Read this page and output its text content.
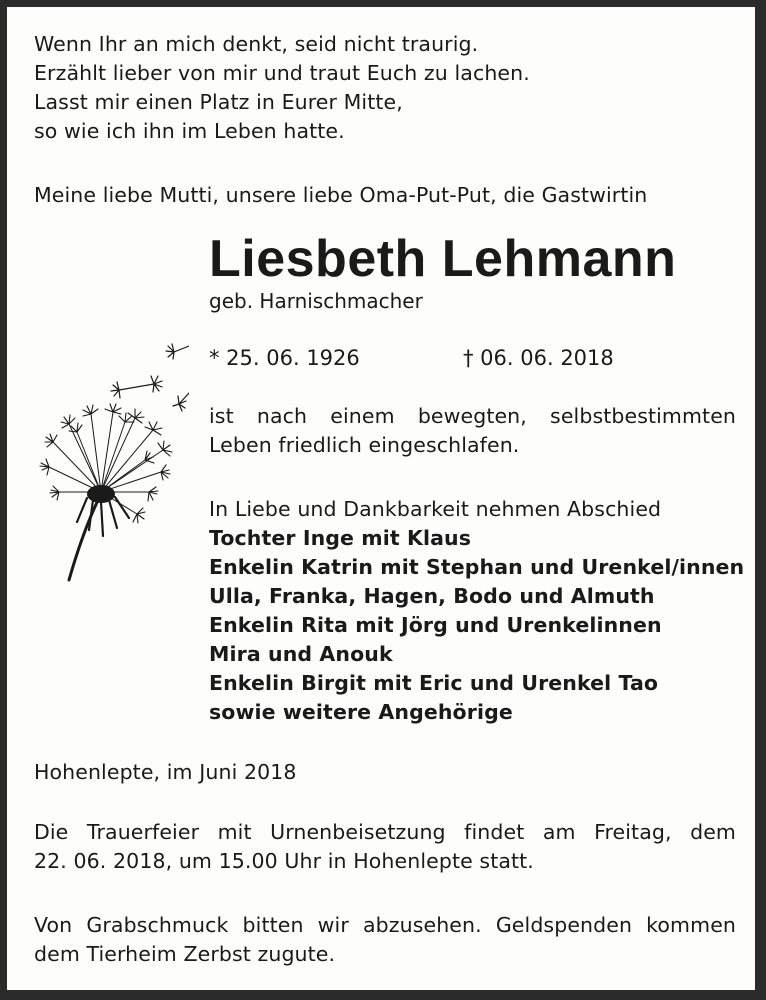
Wenn Ihr an mich denkt, seid nicht traurig.
Erzählt lieber von mir und traut Euch zu lachen.
Lasst mir einen Platz in Eurer Mitte,
so wie ich ihn im Leben hatte.
Meine liebe Mutti, unsere liebe Oma-Put-Put, die Gastwirtin
Liesbeth Lehmann
geb. Harnischmacher
* 25. 06. 1926	† 06. 06. 2018
ist nach einem bewegten, selbstbestimmten
Leben friedlich eingeschlafen.
In Liebe und Dankbarkeit nehmen Abschied
Tochter Inge mit Klaus
Enkelin Katrin mit Stephan und Urenkel/innen
Ulla, Franka, Hagen, Bodo und Almuth
Enkelin Rita mit Jörg und Urenkelinnen
Mira und Anouk
Enkelin Birgit mit Eric und Urenkel Tao
sowie weitere Angehörige
Hohenlepte, im Juni 2018
Die Trauerfeier mit Urnenbeisetzung findet am Freitag, dem
22. 06. 2018, um 15.00 Uhr in Hohenlepte statt.
Von Grabschmuck bitten wir abzusehen. Geldspenden kommen
dem Tierheim Zerbst zugute.
